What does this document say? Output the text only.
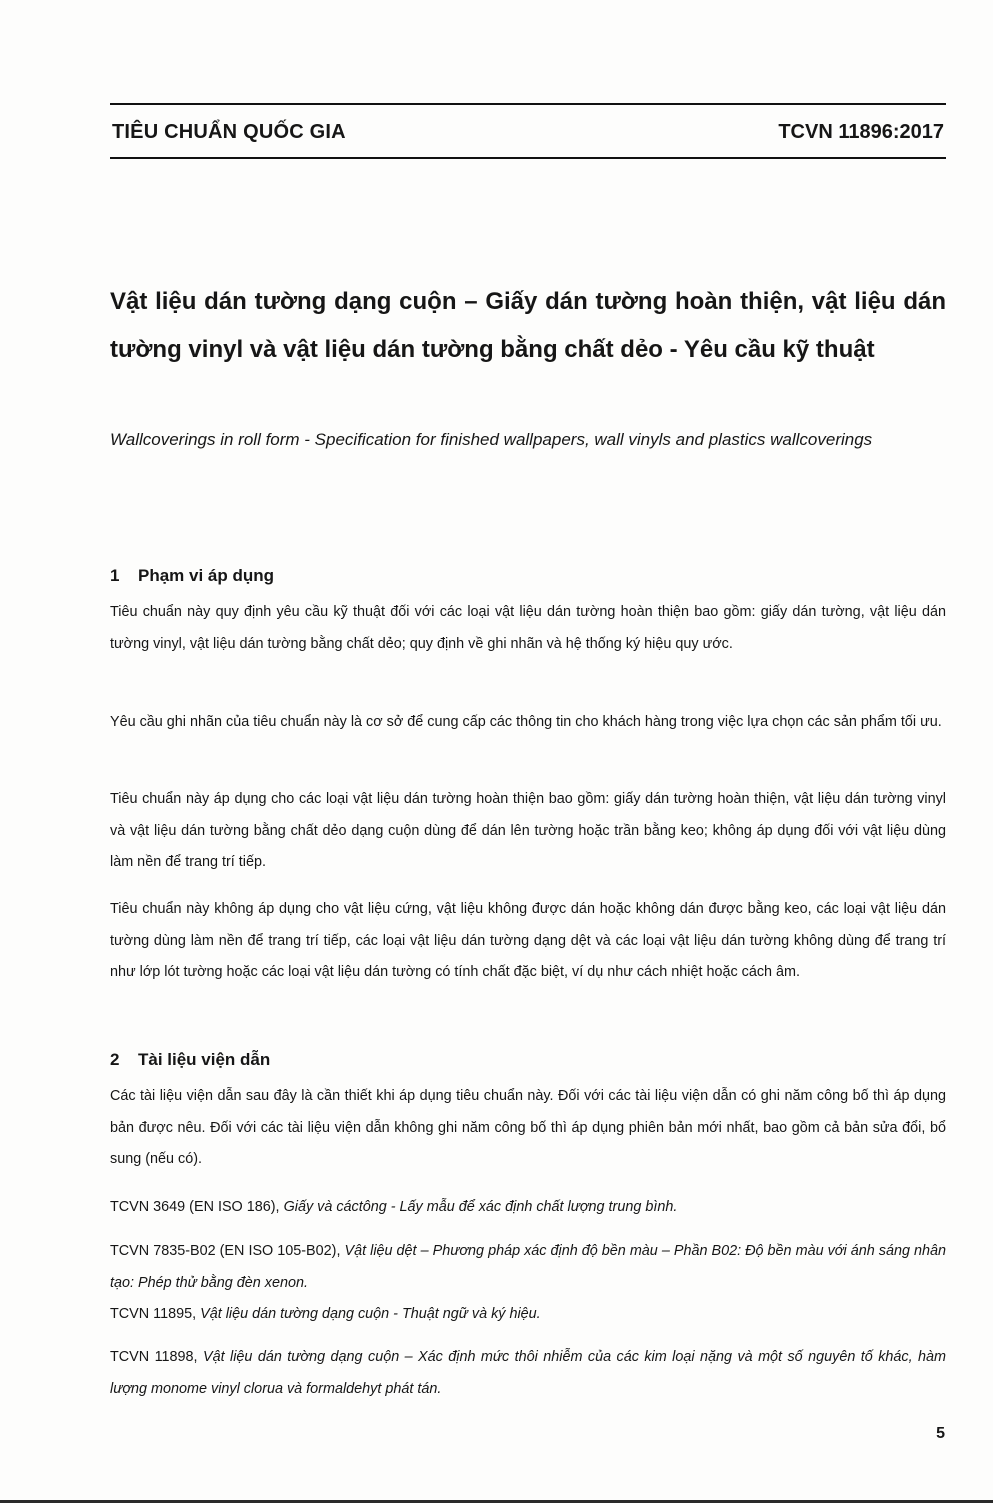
TIÊU CHUẨN QUỐC GIA	TCVN 11896:2017
Vật liệu dán tường dạng cuộn – Giấy dán tường hoàn thiện, vật liệu dán tường vinyl và vật liệu dán tường bằng chất dẻo - Yêu cầu kỹ thuật
Wallcoverings in roll form - Specification for finished wallpapers, wall vinyls and plastics wallcoverings
1 Phạm vi áp dụng
Tiêu chuẩn này quy định yêu cầu kỹ thuật đối với các loại vật liệu dán tường hoàn thiện bao gồm: giấy dán tường, vật liệu dán tường vinyl, vật liệu dán tường bằng chất dẻo; quy định về ghi nhãn và hệ thống ký hiệu quy ước.
Yêu cầu ghi nhãn của tiêu chuẩn này là cơ sở để cung cấp các thông tin cho khách hàng trong việc lựa chọn các sản phẩm tối ưu.
Tiêu chuẩn này áp dụng cho các loại vật liệu dán tường hoàn thiện bao gồm: giấy dán tường hoàn thiện, vật liệu dán tường vinyl và vật liệu dán tường bằng chất dẻo dạng cuộn dùng để dán lên tường hoặc trần bằng keo; không áp dụng đối với vật liệu dùng làm nền để trang trí tiếp.
Tiêu chuẩn này không áp dụng cho vật liệu cứng, vật liệu không được dán hoặc không dán được bằng keo, các loại vật liệu dán tường dùng làm nền để trang trí tiếp, các loại vật liệu dán tường dạng dệt và các loại vật liệu dán tường không dùng để trang trí như lớp lót tường hoặc các loại vật liệu dán tường có tính chất đặc biệt, ví dụ như cách nhiệt hoặc cách âm.
2 Tài liệu viện dẫn
Các tài liệu viện dẫn sau đây là cần thiết khi áp dụng tiêu chuẩn này. Đối với các tài liệu viện dẫn có ghi năm công bố thì áp dụng bản được nêu. Đối với các tài liệu viện dẫn không ghi năm công bố thì áp dụng phiên bản mới nhất, bao gồm cả bản sửa đổi, bổ sung (nếu có).
TCVN 3649 (EN ISO 186), Giấy và cáctông - Lấy mẫu để xác định chất lượng trung bình.
TCVN 7835-B02 (EN ISO 105-B02), Vật liệu dệt – Phương pháp xác định độ bền màu – Phần B02: Độ bền màu với ánh sáng nhân tạo: Phép thử bằng đèn xenon.
TCVN 11895, Vật liệu dán tường dạng cuộn - Thuật ngữ và ký hiệu.
TCVN 11898, Vật liệu dán tường dạng cuộn – Xác định mức thôi nhiễm của các kim loại nặng và một số nguyên tố khác, hàm lượng monome vinyl clorua và formaldehyt phát tán.
5
